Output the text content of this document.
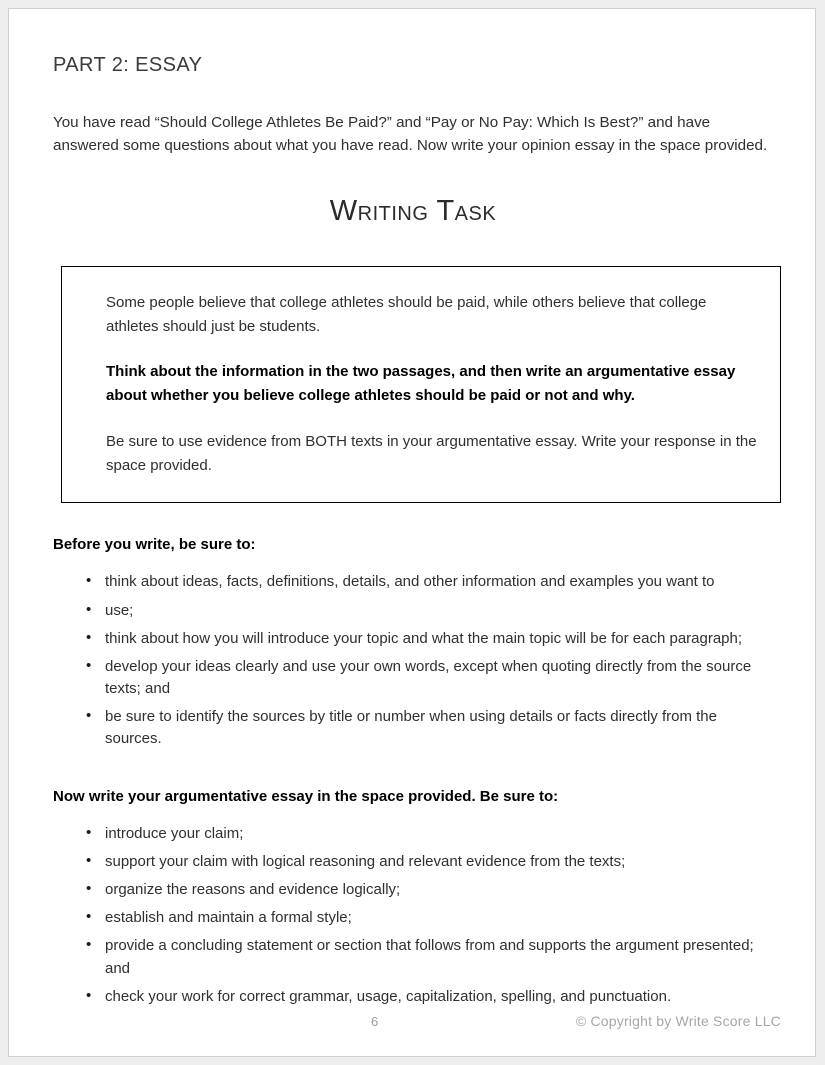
PART 2: ESSAY

You have read “Should College Athletes Be Paid?” and “Pay or No Pay: Which Is Best?” and have answered some questions about what you have read. Now write your opinion essay in the space provided.

Writing Task

Some people believe that college athletes should be paid, while others believe that college athletes should just be students.

Think about the information in the two passages, and then write an argumentative essay about whether you believe college athletes should be paid or not and why.

Be sure to use evidence from BOTH texts in your argumentative essay. Write your response in the space provided.

Before you write, be sure to:
• think about ideas, facts, definitions, details, and other information and examples you want to
• use;
• think about how you will introduce your topic and what the main topic will be for each paragraph;
• develop your ideas clearly and use your own words, except when quoting directly from the source texts; and
• be sure to identify the sources by title or number when using details or facts directly from the sources.
Now write your argumentative essay in the space provided. Be sure to:
• introduce your claim;
• support your claim with logical reasoning and relevant evidence from the texts;
• organize the reasons and evidence logically;
• establish and maintain a formal style;
• provide a concluding statement or section that follows from and supports the argument presented; and
• check your work for correct grammar, usage, capitalization, spelling, and punctuation.
6	© Copyright by Write Score LLC
